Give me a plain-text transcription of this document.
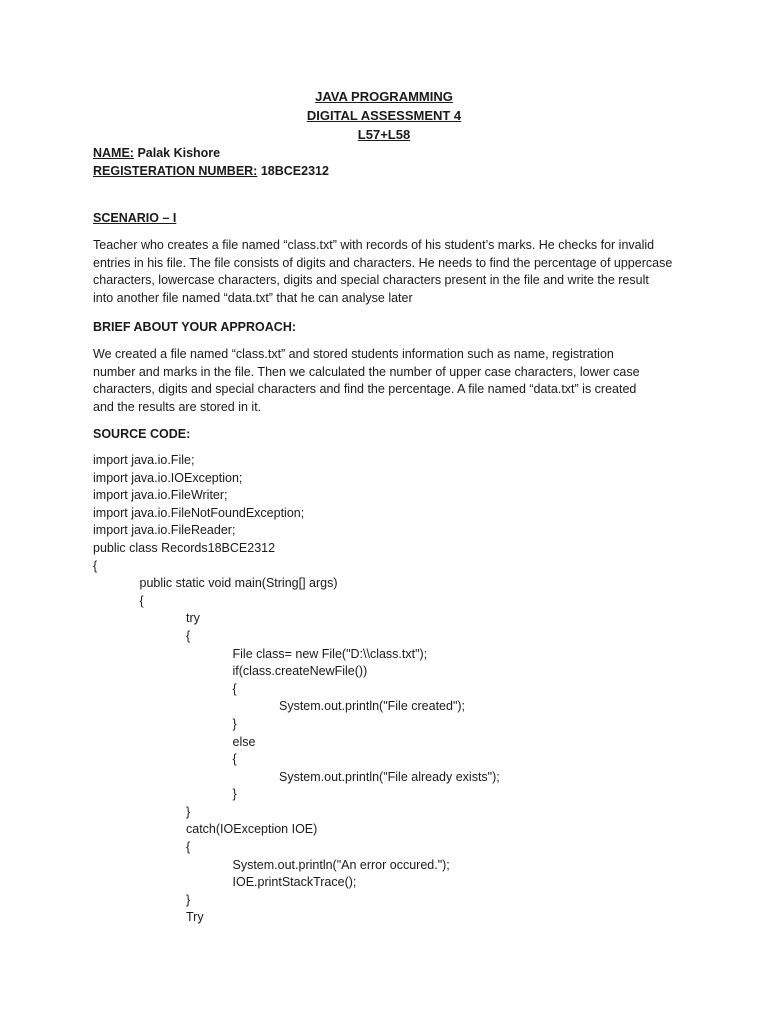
JAVA PROGRAMMING
DIGITAL ASSESSMENT 4
L57+L58
NAME: Palak Kishore
REGISTERATION NUMBER: 18BCE2312
SCENARIO – I
Teacher who creates a file named “class.txt” with records of his student’s marks. He checks for invalid
entries in his file. The file consists of digits and characters. He needs to find the percentage of uppercase
characters, lowercase characters, digits and special characters present in the file and write the result
into another file named “data.txt” that he can analyse later
BRIEF ABOUT YOUR APPROACH:
We created a file named “class.txt” and stored students information such as name, registration
number and marks in the file. Then we calculated the number of upper case characters, lower case
characters, digits and special characters and find the percentage. A file named “data.txt” is created
and the results are stored in it.
SOURCE CODE:
import java.io.File;
import java.io.IOException;
import java.io.FileWriter;
import java.io.FileNotFoundException;
import java.io.FileReader;
public class Records18BCE2312
{
public static void main(String[] args)
{
try
{
File class= new File("D:\\class.txt");
if(class.createNewFile())
{
System.out.println("File created");
}
else
{
System.out.println("File already exists");
}
}
catch(IOException IOE)
{
System.out.println("An error occured.");
IOE.printStackTrace();
}
Try
